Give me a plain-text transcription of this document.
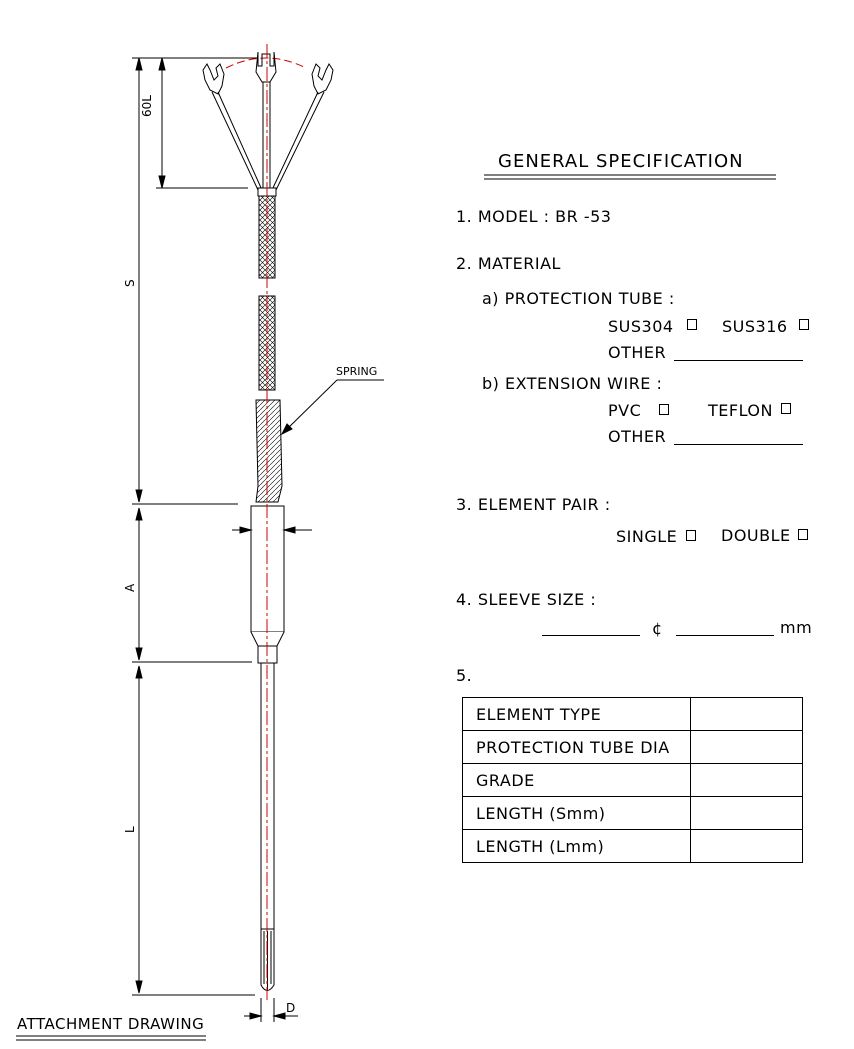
60L
S
A
L
D
SPRING
ATTACHMENT DRAWING
GENERAL SPECIFICATION
1. MODEL : BR -53
2. MATERIAL
a) PROTECTION TUBE :
SUS304	SUS316
OTHER
b) EXTENSION WIRE :
PVC	TEFLON
OTHER
3. ELEMENT PAIR :
SINGLE	DOUBLE
4. SLEEVE SIZE :
¢	mm
5.
ELEMENT TYPE	
PROTECTION TUBE DIA	
GRADE	
LENGTH (Smm)	
LENGTH (Lmm)	
